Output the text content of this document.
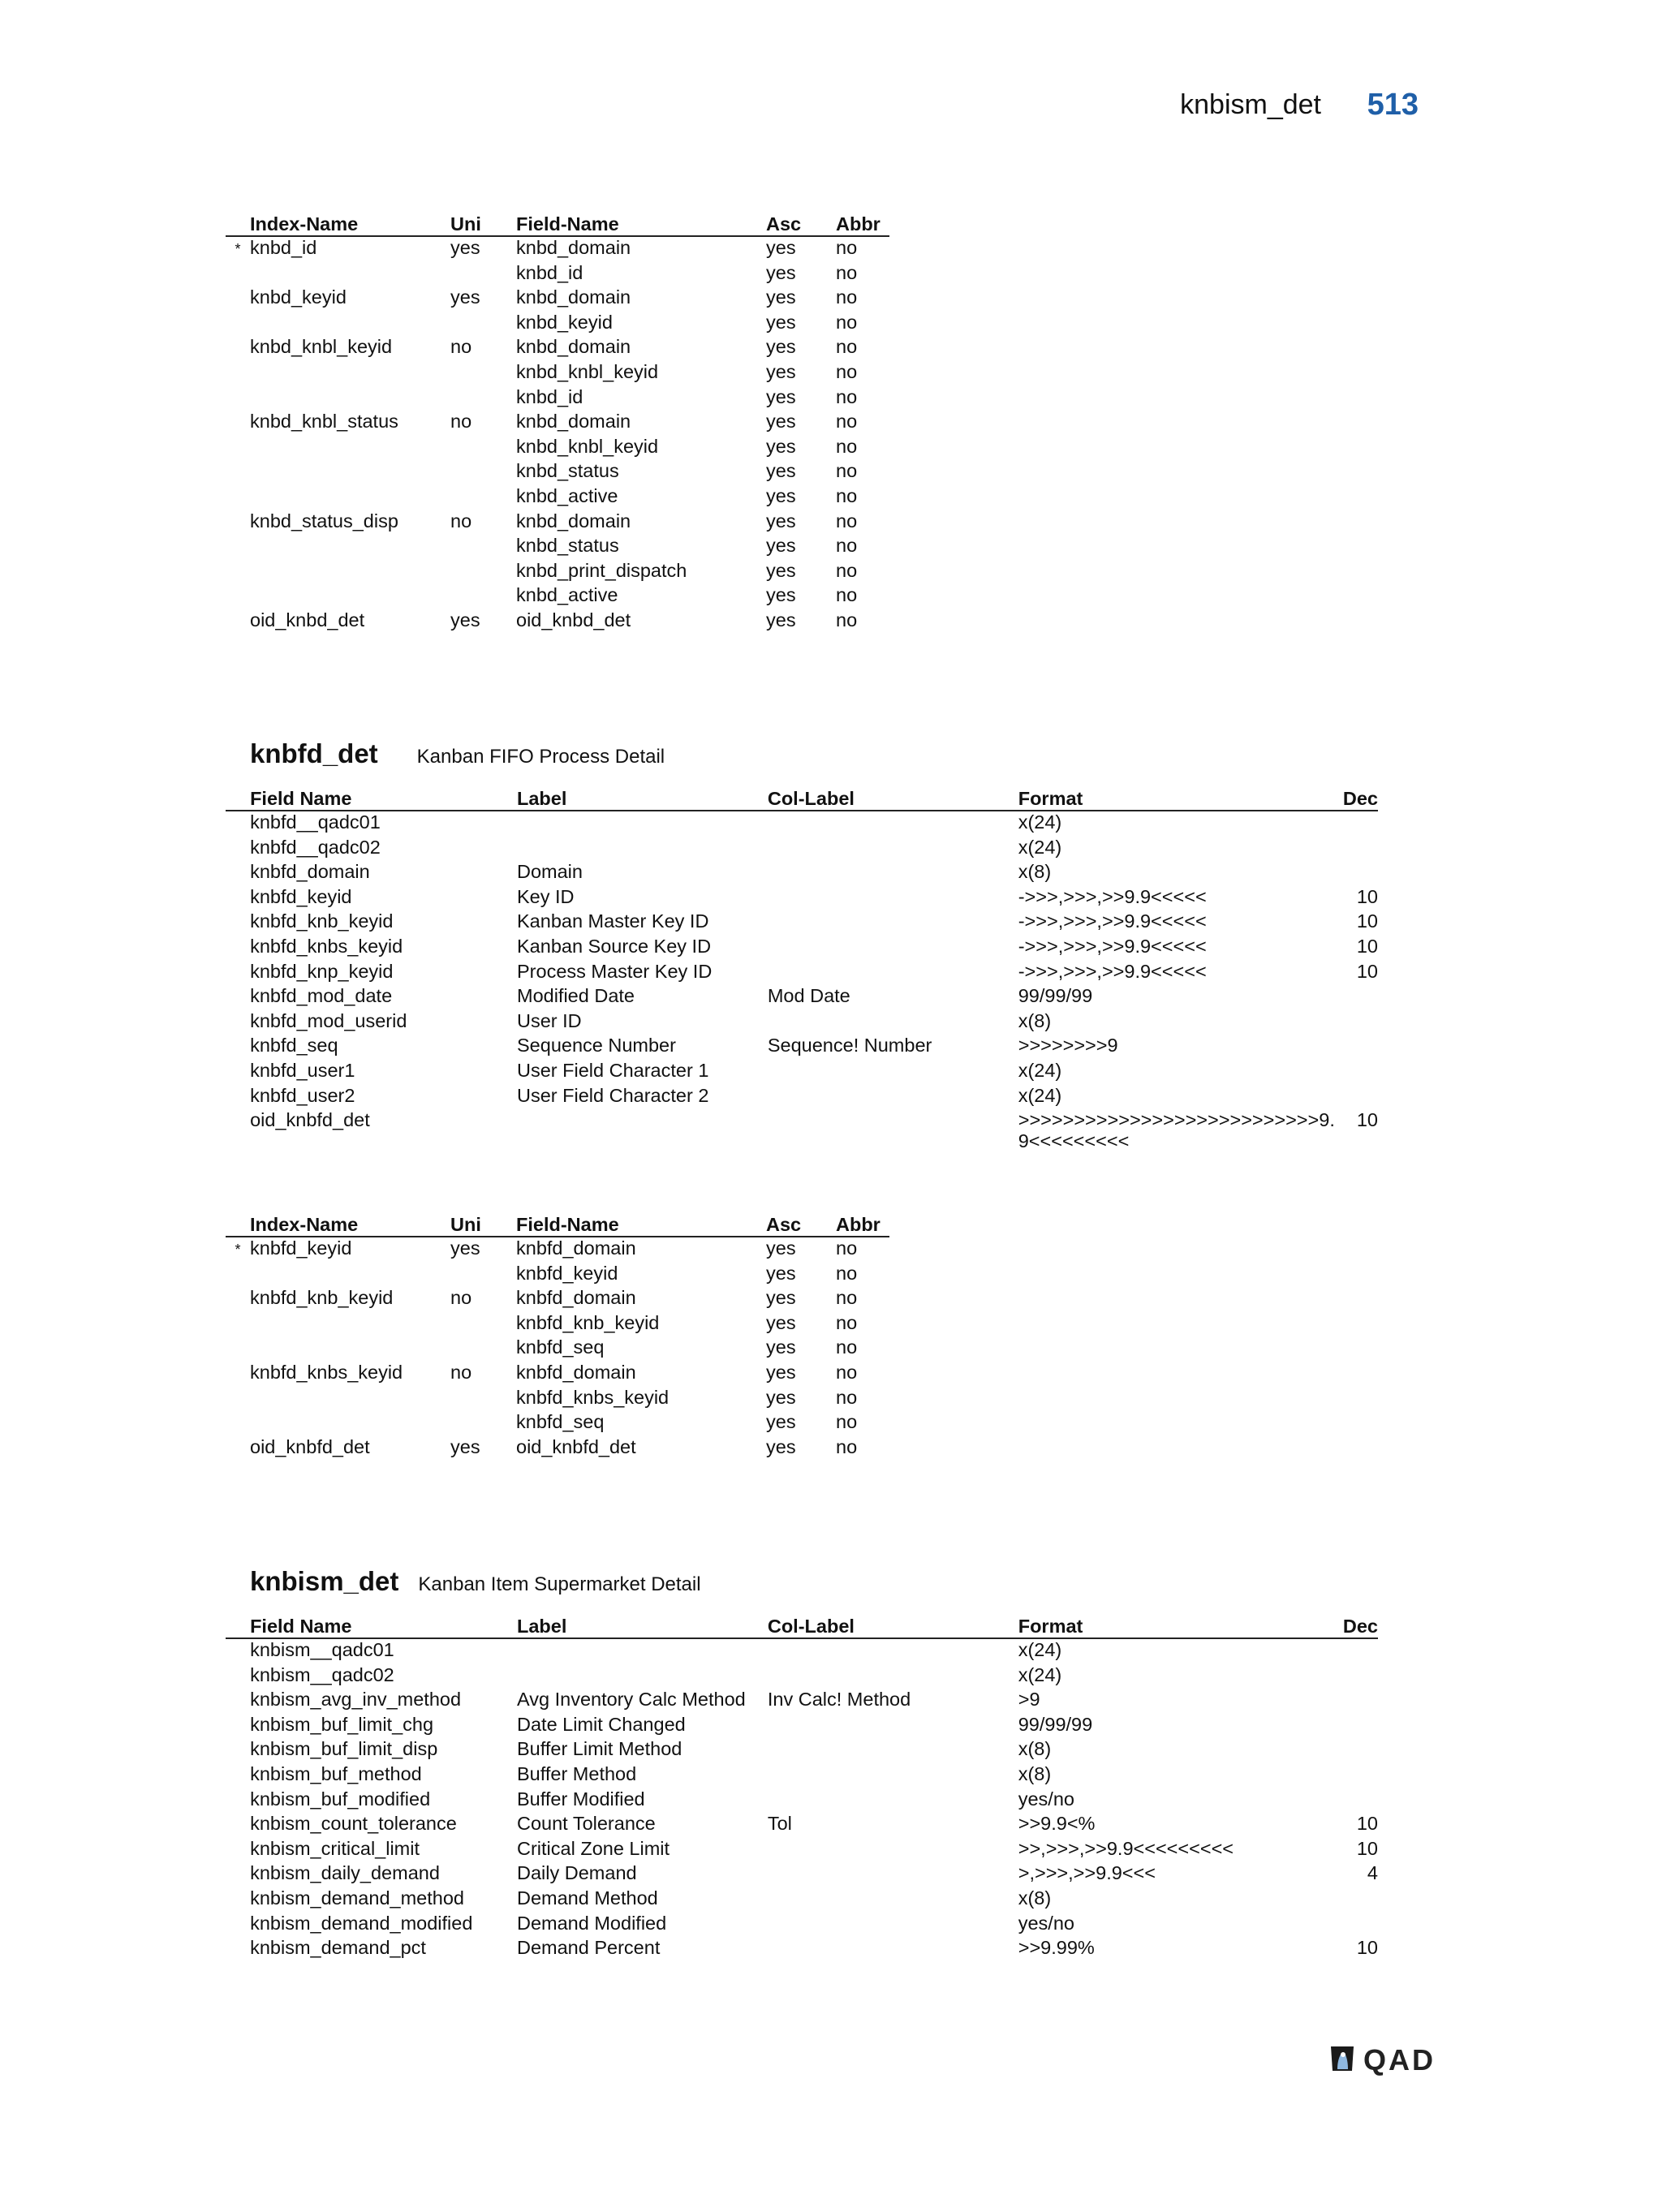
knbism_det 513
	Index-Name	Uni	Field-Name	Asc	Abbr
*	knbd_id	yes	knbd_domain	yes	no
			knbd_id	yes	no
	knbd_keyid	yes	knbd_domain	yes	no
			knbd_keyid	yes	no
	knbd_knbl_keyid	no	knbd_domain	yes	no
			knbd_knbl_keyid	yes	no
			knbd_id	yes	no
	knbd_knbl_status	no	knbd_domain	yes	no
			knbd_knbl_keyid	yes	no
			knbd_status	yes	no
			knbd_active	yes	no
	knbd_status_disp	no	knbd_domain	yes	no
			knbd_status	yes	no
			knbd_print_dispatch	yes	no
			knbd_active	yes	no
	oid_knbd_det	yes	oid_knbd_det	yes	no
knbfd_det Kanban FIFO Process Detail
	Field Name	Label	Col-Label	Format	Dec
	knbfd__qadc01			x(24)	
	knbfd__qadc02			x(24)	
	knbfd_domain	Domain		x(8)	
	knbfd_keyid	Key ID		->>>,>>>,>>9.9<<<<<	10
	knbfd_knb_keyid	Kanban Master Key ID		->>>,>>>,>>9.9<<<<<	10
	knbfd_knbs_keyid	Kanban Source Key ID		->>>,>>>,>>9.9<<<<<	10
	knbfd_knp_keyid	Process Master Key ID		->>>,>>>,>>9.9<<<<<	10
	knbfd_mod_date	Modified Date	Mod Date	99/99/99	
	knbfd_mod_userid	User ID		x(8)	
	knbfd_seq	Sequence Number	Sequence! Number	>>>>>>>>9	
	knbfd_user1	User Field Character 1		x(24)	
	knbfd_user2	User Field Character 2		x(24)	
	oid_knbfd_det			>>>>>>>>>>>>>>>>>>>>>>>>>>>9.9<<<<<<<<<	10
	Index-Name	Uni	Field-Name	Asc	Abbr
*	knbfd_keyid	yes	knbfd_domain	yes	no
			knbfd_keyid	yes	no
	knbfd_knb_keyid	no	knbfd_domain	yes	no
			knbfd_knb_keyid	yes	no
			knbfd_seq	yes	no
	knbfd_knbs_keyid	no	knbfd_domain	yes	no
			knbfd_knbs_keyid	yes	no
			knbfd_seq	yes	no
	oid_knbfd_det	yes	oid_knbfd_det	yes	no
knbism_det Kanban Item Supermarket Detail
	Field Name	Label	Col-Label	Format	Dec
	knbism__qadc01			x(24)	
	knbism__qadc02			x(24)	
	knbism_avg_inv_method	Avg Inventory Calc Method	Inv Calc! Method	>9	
	knbism_buf_limit_chg	Date Limit Changed		99/99/99	
	knbism_buf_limit_disp	Buffer Limit Method		x(8)	
	knbism_buf_method	Buffer Method		x(8)	
	knbism_buf_modified	Buffer Modified		yes/no	
	knbism_count_tolerance	Count Tolerance	Tol	>>9.9<%	10
	knbism_critical_limit	Critical Zone Limit		>>,>>>,>>9.9<<<<<<<<<	10
	knbism_daily_demand	Daily Demand		>,>>>,>>9.9<<<	4
	knbism_demand_method	Demand Method		x(8)	
	knbism_demand_modified	Demand Modified		yes/no	
	knbism_demand_pct	Demand Percent		>>9.99%	10
QAD
